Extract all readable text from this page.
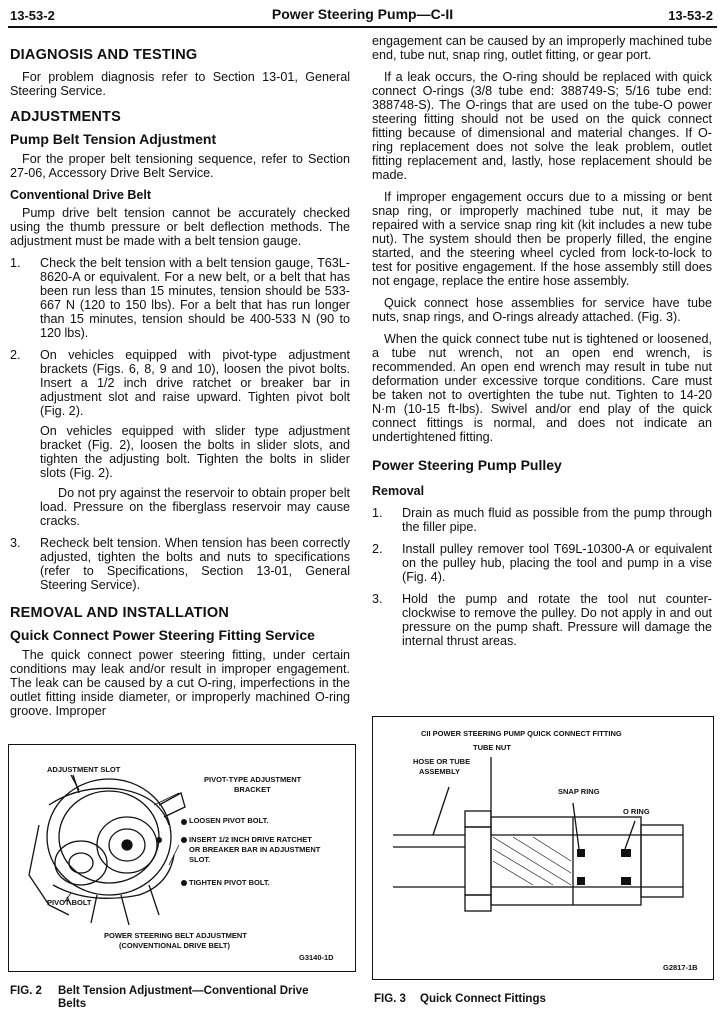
13-53-2	Power Steering Pump—C-II	13-53-2
DIAGNOSIS AND TESTING

For problem diagnosis refer to Section 13-01, General Steering Service.

ADJUSTMENTS
Pump Belt Tension Adjustment

For the proper belt tensioning sequence, refer to Section 27-06, Accessory Drive Belt Service.

Conventional Drive Belt

Pump drive belt tension cannot be accurately checked using the thumb pressure or belt deflection methods. The adjustment must be made with a belt tension gauge.

1. Check the belt tension with a belt tension gauge, T63L-8620-A or equivalent. For a new belt, or a belt that has been run less than 15 minutes, tension should be 533-667 N (120 to 150 lbs). For a belt that has run longer than 15 minutes, tension should be 400-533 N (90 to 120 lbs).
2. On vehicles equipped with pivot-type adjustment brackets (Figs. 6, 8, 9 and 10), loosen the pivot bolts. Insert a 1/2 inch drive ratchet or breaker bar in adjustment slot and raise upward. Tighten pivot bolt (Fig. 2).

On vehicles equipped with slider type adjustment bracket (Fig. 2), loosen the bolts in slider slots, and tighten the adjusting bolt. Tighten the bolts in slider slots (Fig. 2).

Do not pry against the reservoir to obtain proper belt load. Pressure on the fiberglass reservoir may cause cracks.

3. Recheck belt tension. When tension has been correctly adjusted, tighten the bolts and nuts to specifications (refer to Specifications, Section 13-01, General Steering Service).
REMOVAL AND INSTALLATION
Quick Connect Power Steering Fitting Service

The quick connect power steering fitting, under certain conditions may leak and/or result in improper engagement. The leak can be caused by a cut O-ring, imperfections in the outlet fitting inside diameter, or improperly machined O-ring groove. Improper

engagement can be caused by an improperly machined tube end, tube nut, snap ring, outlet fitting, or gear port.

If a leak occurs, the O-ring should be replaced with quick connect O-rings (3/8 tube end: 388749-S; 5/16 tube end: 388748-S). The O-rings that are used on the tube-O power steering fitting should not be used on the quick connect fitting because of dimensional and material changes. If O-ring replacement does not solve the leak problem, outlet fitting replacement and, lastly, hose replacement should be made.

If improper engagement occurs due to a missing or bent snap ring, or improperly machined tube nut, it may be repaired with a service snap ring kit (kit includes a new tube nut). The system should then be properly filled, the engine started, and the steering wheel cycled from lock-to-lock to test for positive engagement. If the hose assembly still does not engage, replace the entire hose assembly.

Quick connect hose assemblies for service have tube nuts, snap rings, and O-rings already attached. (Fig. 3).

When the quick connect tube nut is tightened or loosened, a tube nut wrench, not an open end wrench, is recommended. An open end wrench may result in tube nut deformation under excessive torque conditions. Care must be taken not to overtighten the tube nut. Tighten to 14-20 N·m (10-15 ft-lbs). Swivel and/or end play of the quick connect fittings is normal, and does not indicate an undertightened fitting.

Power Steering Pump Pulley
Removal
1. Drain as much fluid as possible from the pump through the filler pipe.
2. Install pulley remover tool T69L-10300-A or equivalent on the pulley hub, placing the tool and pump in a vise (Fig. 4).
3. Hold the pump and rotate the tool nut counter-clockwise to remove the pulley. Do not apply in and out pressure on the pump shaft. Pressure will damage the internal thrust areas.
ADJUSTMENT SLOT
PIVOT-TYPE ADJUSTMENT
BRACKET
LOOSEN PIVOT BOLT.
INSERT 1/2 INCH DRIVE RATCHET
OR BREAKER BAR IN ADJUSTMENT
SLOT.
TIGHTEN PIVOT BOLT.
PIVOT BOLT
POWER STEERING BELT ADJUSTMENT
(CONVENTIONAL DRIVE BELT)
G3140-1D
FIG. 2 Belt Tension Adjustment—Conventional Drive
Belts
CII POWER STEERING PUMP QUICK CONNECT FITTING
TUBE NUT
HOSE OR TUBE
ASSEMBLY
SNAP RING
O RING
G2817-1B
FIG. 3 Quick Connect Fittings
